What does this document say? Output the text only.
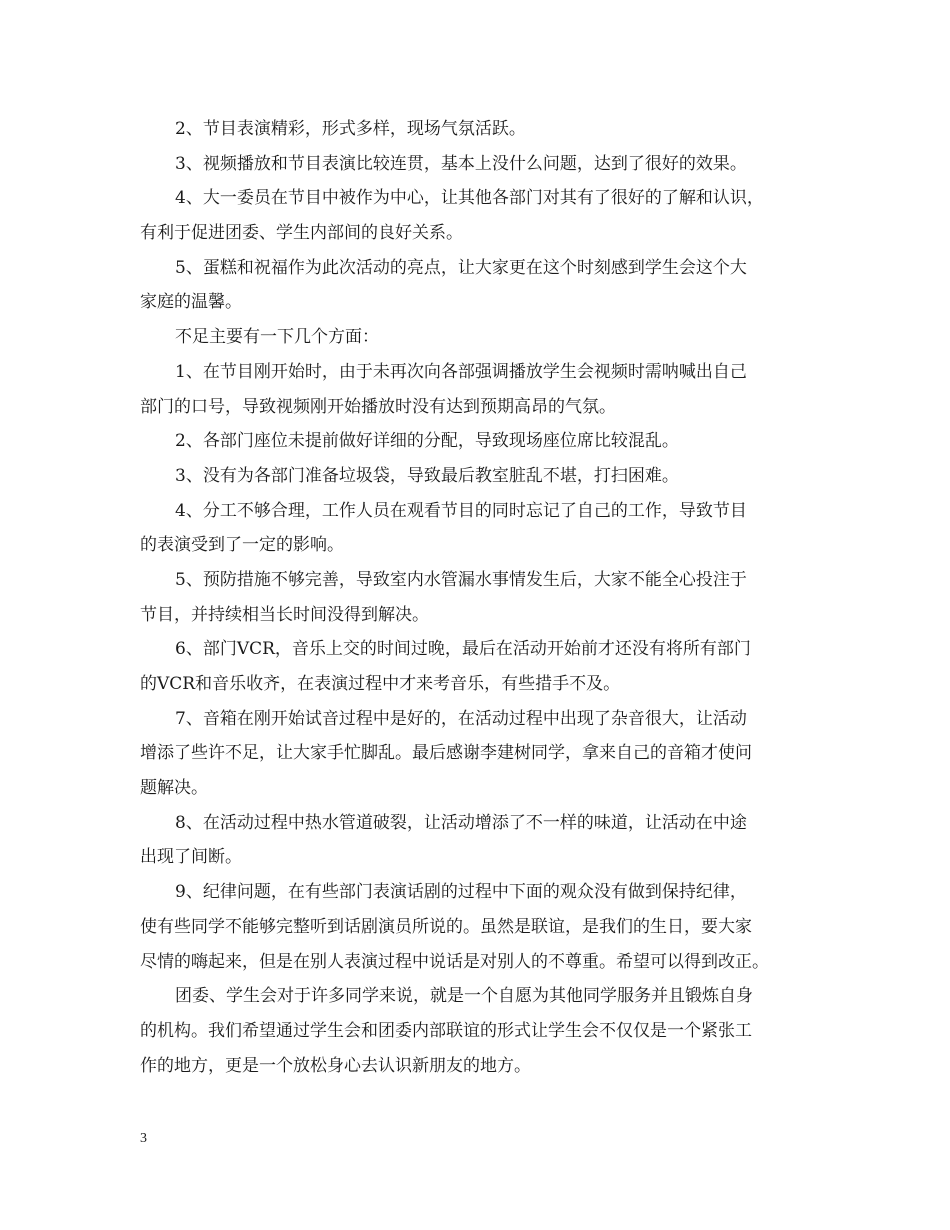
2、节目表演精彩，形式多样，现场气氛活跃。
3、视频播放和节目表演比较连贯，基本上没什么问题，达到了很好的效果。
4、大一委员在节目中被作为中心，让其他各部门对其有了很好的了解和认识，
有利于促进团委、学生内部间的良好关系。
5、蛋糕和祝福作为此次活动的亮点，让大家更在这个时刻感到学生会这个大
家庭的温馨。
不足主要有一下几个方面：
1、在节目刚开始时，由于未再次向各部强调播放学生会视频时需呐喊出自己
部门的口号，导致视频刚开始播放时没有达到预期高昂的气氛。
2、各部门座位未提前做好详细的分配，导致现场座位席比较混乱。
3、没有为各部门准备垃圾袋，导致最后教室脏乱不堪，打扫困难。
4、分工不够合理，工作人员在观看节目的同时忘记了自己的工作，导致节目
的表演受到了一定的影响。
5、预防措施不够完善，导致室内水管漏水事情发生后，大家不能全心投注于
节目，并持续相当长时间没得到解决。
6、部门VCR，音乐上交的时间过晚，最后在活动开始前才还没有将所有部门
的VCR和音乐收齐，在表演过程中才来考音乐，有些措手不及。
7、音箱在刚开始试音过程中是好的，在活动过程中出现了杂音很大，让活动
增添了些许不足，让大家手忙脚乱。最后感谢李建树同学，拿来自己的音箱才使问
题解决。
8、在活动过程中热水管道破裂，让活动增添了不一样的味道，让活动在中途
出现了间断。
9、纪律问题，在有些部门表演话剧的过程中下面的观众没有做到保持纪律，
使有些同学不能够完整听到话剧演员所说的。虽然是联谊，是我们的生日，要大家
尽情的嗨起来，但是在别人表演过程中说话是对别人的不尊重。希望可以得到改正。
团委、学生会对于许多同学来说，就是一个自愿为其他同学服务并且锻炼自身
的机构。我们希望通过学生会和团委内部联谊的形式让学生会不仅仅是一个紧张工
作的地方，更是一个放松身心去认识新朋友的地方。
3
